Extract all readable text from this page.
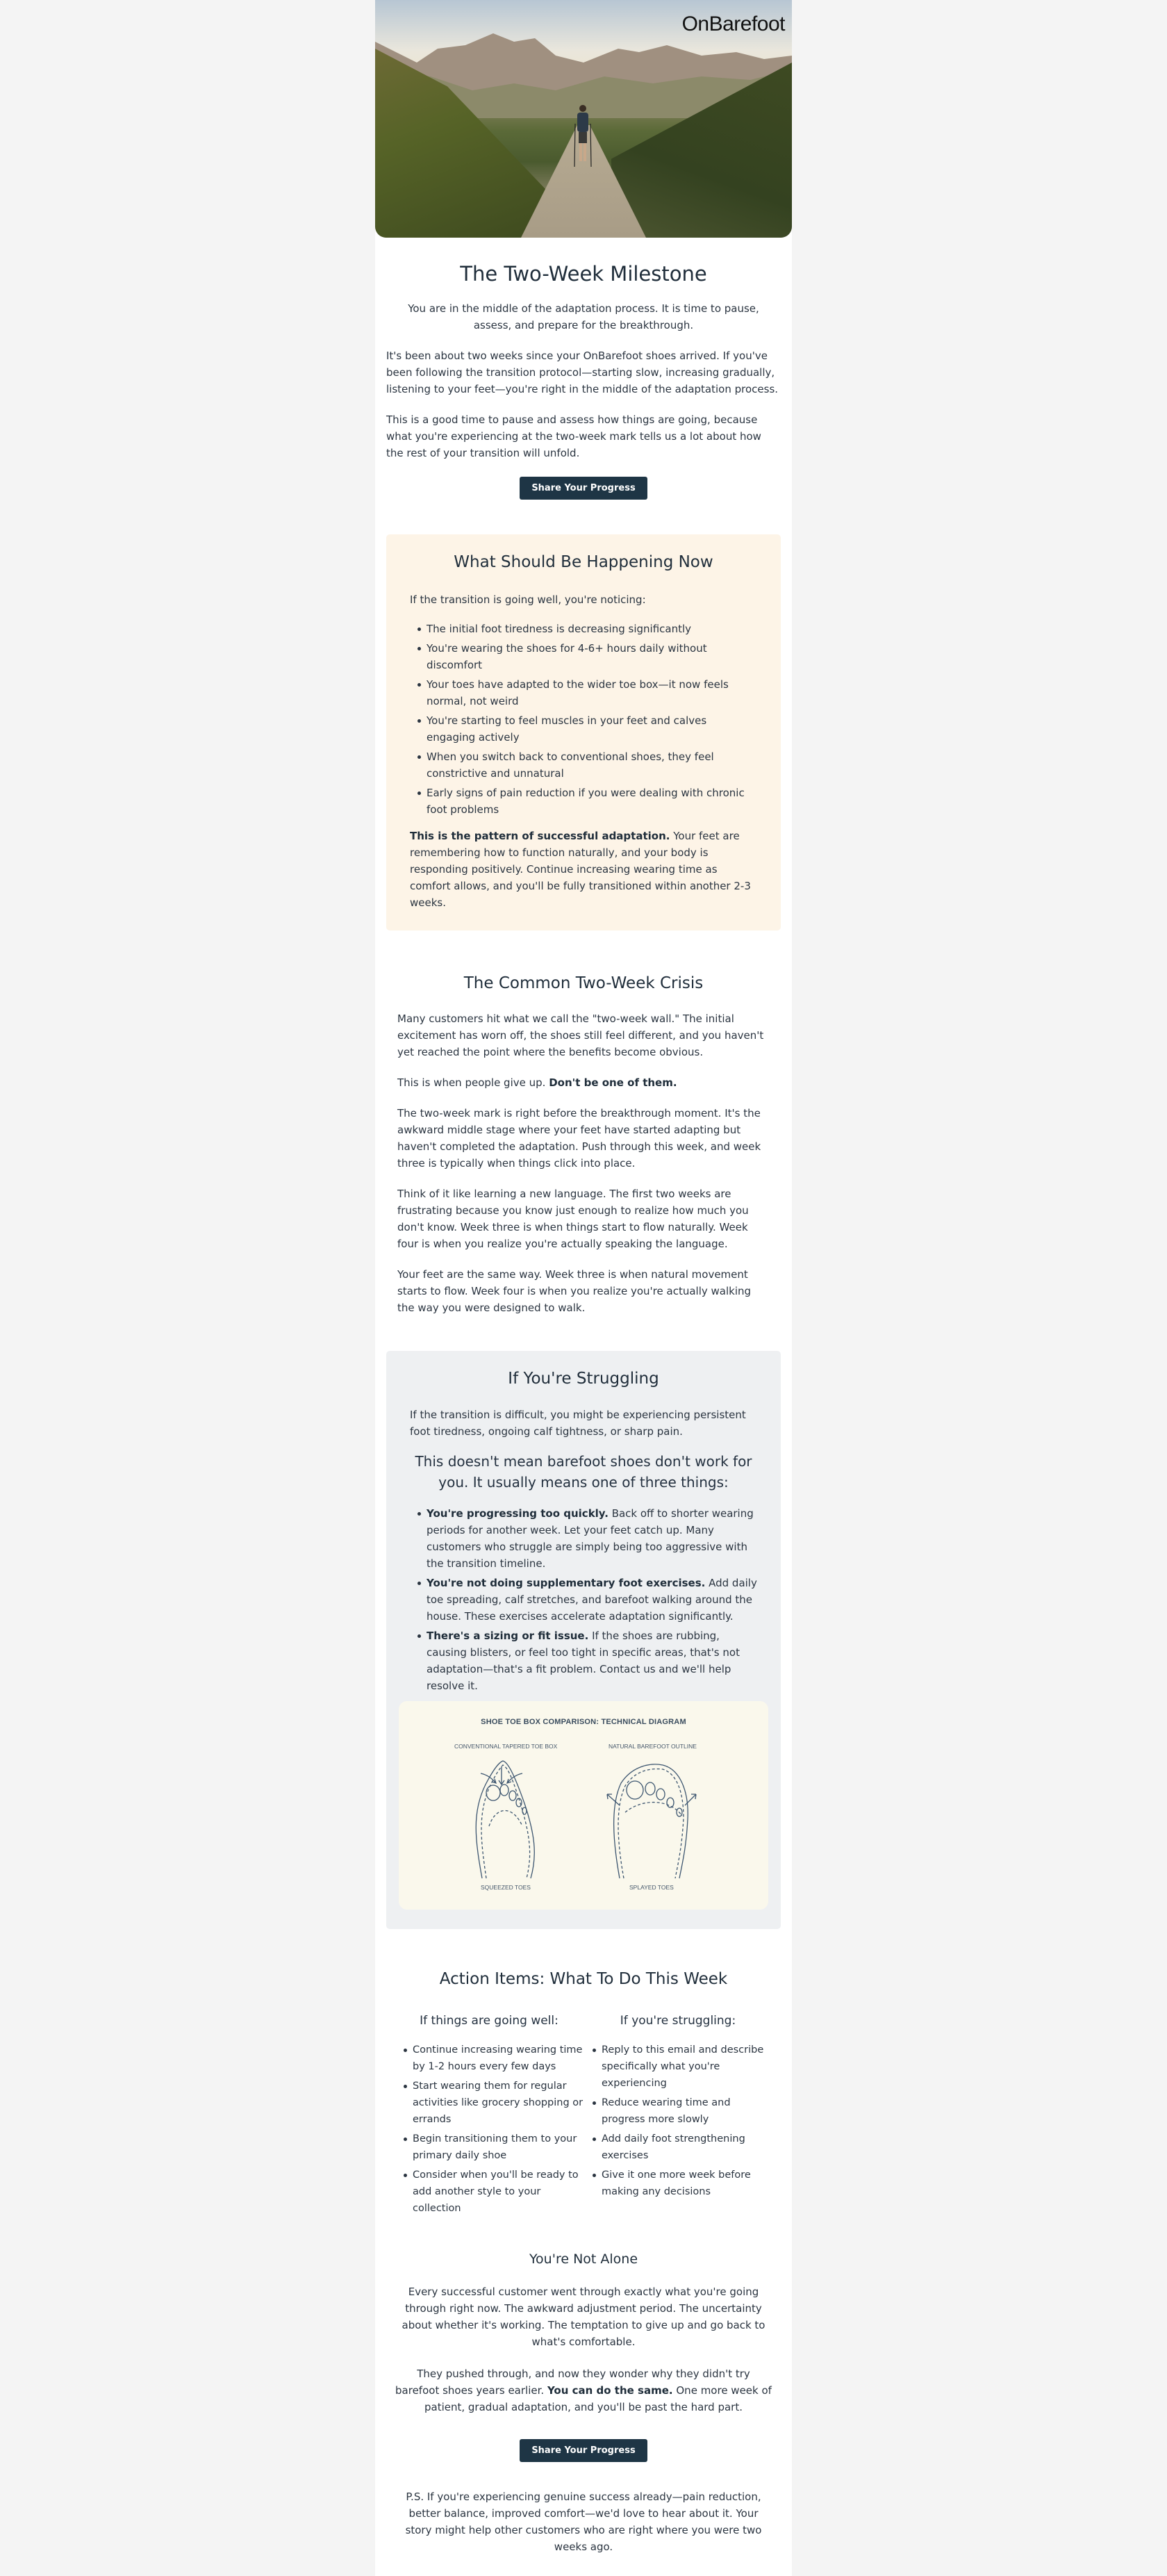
OnBarefoot
The Two-Week Milestone

You are in the middle of the adaptation process. It is time to pause, assess, and prepare for the breakthrough.

It's been about two weeks since your OnBarefoot shoes arrived. If you've been following the transition protocol—starting slow, increasing gradually, listening to your feet—you're right in the middle of the adaptation process.

This is a good time to pause and assess how things are going, because what you're experiencing at the two-week mark tells us a lot about how the rest of your transition will unfold.

Share Your Progress
What Should Be Happening Now

If the transition is going well, you're noticing:

The initial foot tiredness is decreasing significantly
You're wearing the shoes for 4-6+ hours daily without discomfort
Your toes have adapted to the wider toe box—it now feels normal, not weird
You're starting to feel muscles in your feet and calves engaging actively
When you switch back to conventional shoes, they feel constrictive and unnatural
Early signs of pain reduction if you were dealing with chronic foot problems

This is the pattern of successful adaptation. Your feet are remembering how to function naturally, and your body is responding positively. Continue increasing wearing time as comfort allows, and you'll be fully transitioned within another 2-3 weeks.

The Common Two-Week Crisis

Many customers hit what we call the "two-week wall." The initial excitement has worn off, the shoes still feel different, and you haven't yet reached the point where the benefits become obvious.

This is when people give up. Don't be one of them.

The two-week mark is right before the breakthrough moment. It's the awkward middle stage where your feet have started adapting but haven't completed the adaptation. Push through this week, and week three is typically when things click into place.

Think of it like learning a new language. The first two weeks are frustrating because you know just enough to realize how much you don't know. Week three is when things start to flow naturally. Week four is when you realize you're actually speaking the language.

Your feet are the same way. Week three is when natural movement starts to flow. Week four is when you realize you're actually walking the way you were designed to walk.

If You're Struggling

If the transition is difficult, you might be experiencing persistent foot tiredness, ongoing calf tightness, or sharp pain.

This doesn't mean barefoot shoes don't work for you. It usually means one of three things:

You're progressing too quickly. Back off to shorter wearing periods for another week. Let your feet catch up. Many customers who struggle are simply being too aggressive with the transition timeline.
You're not doing supplementary foot exercises. Add daily toe spreading, calf stretches, and barefoot walking around the house. These exercises accelerate adaptation significantly.
There's a sizing or fit issue. If the shoes are rubbing, causing blisters, or feel too tight in specific areas, that's not adaptation—that's a fit problem. Contact us and we'll help resolve it.
SHOE TOE BOX COMPARISON: TECHNICAL DIAGRAM
CONVENTIONAL TAPERED TOE BOX	NATURAL BAREFOOT OUTLINE
SQUEEZED TOES	SPLAYED TOES
Action Items: What To Do This Week
If things are going well:
Continue increasing wearing time by 1-2 hours every few days
Start wearing them for regular activities like grocery shopping or errands
Begin transitioning them to your primary daily shoe
Consider when you'll be ready to add another style to your collection
If you're struggling:
Reply to this email and describe specifically what you're experiencing
Reduce wearing time and progress more slowly
Add daily foot strengthening exercises
Give it one more week before making any decisions
You're Not Alone

Every successful customer went through exactly what you're going through right now. The awkward adjustment period. The uncertainty about whether it's working. The temptation to give up and go back to what's comfortable.

They pushed through, and now they wonder why they didn't try barefoot shoes years earlier. You can do the same. One more week of patient, gradual adaptation, and you'll be past the hard part.

Share Your Progress

P.S. If you're experiencing genuine success already—pain reduction, better balance, improved comfort—we'd love to hear about it. Your story might help other customers who are right where you were two weeks ago.
